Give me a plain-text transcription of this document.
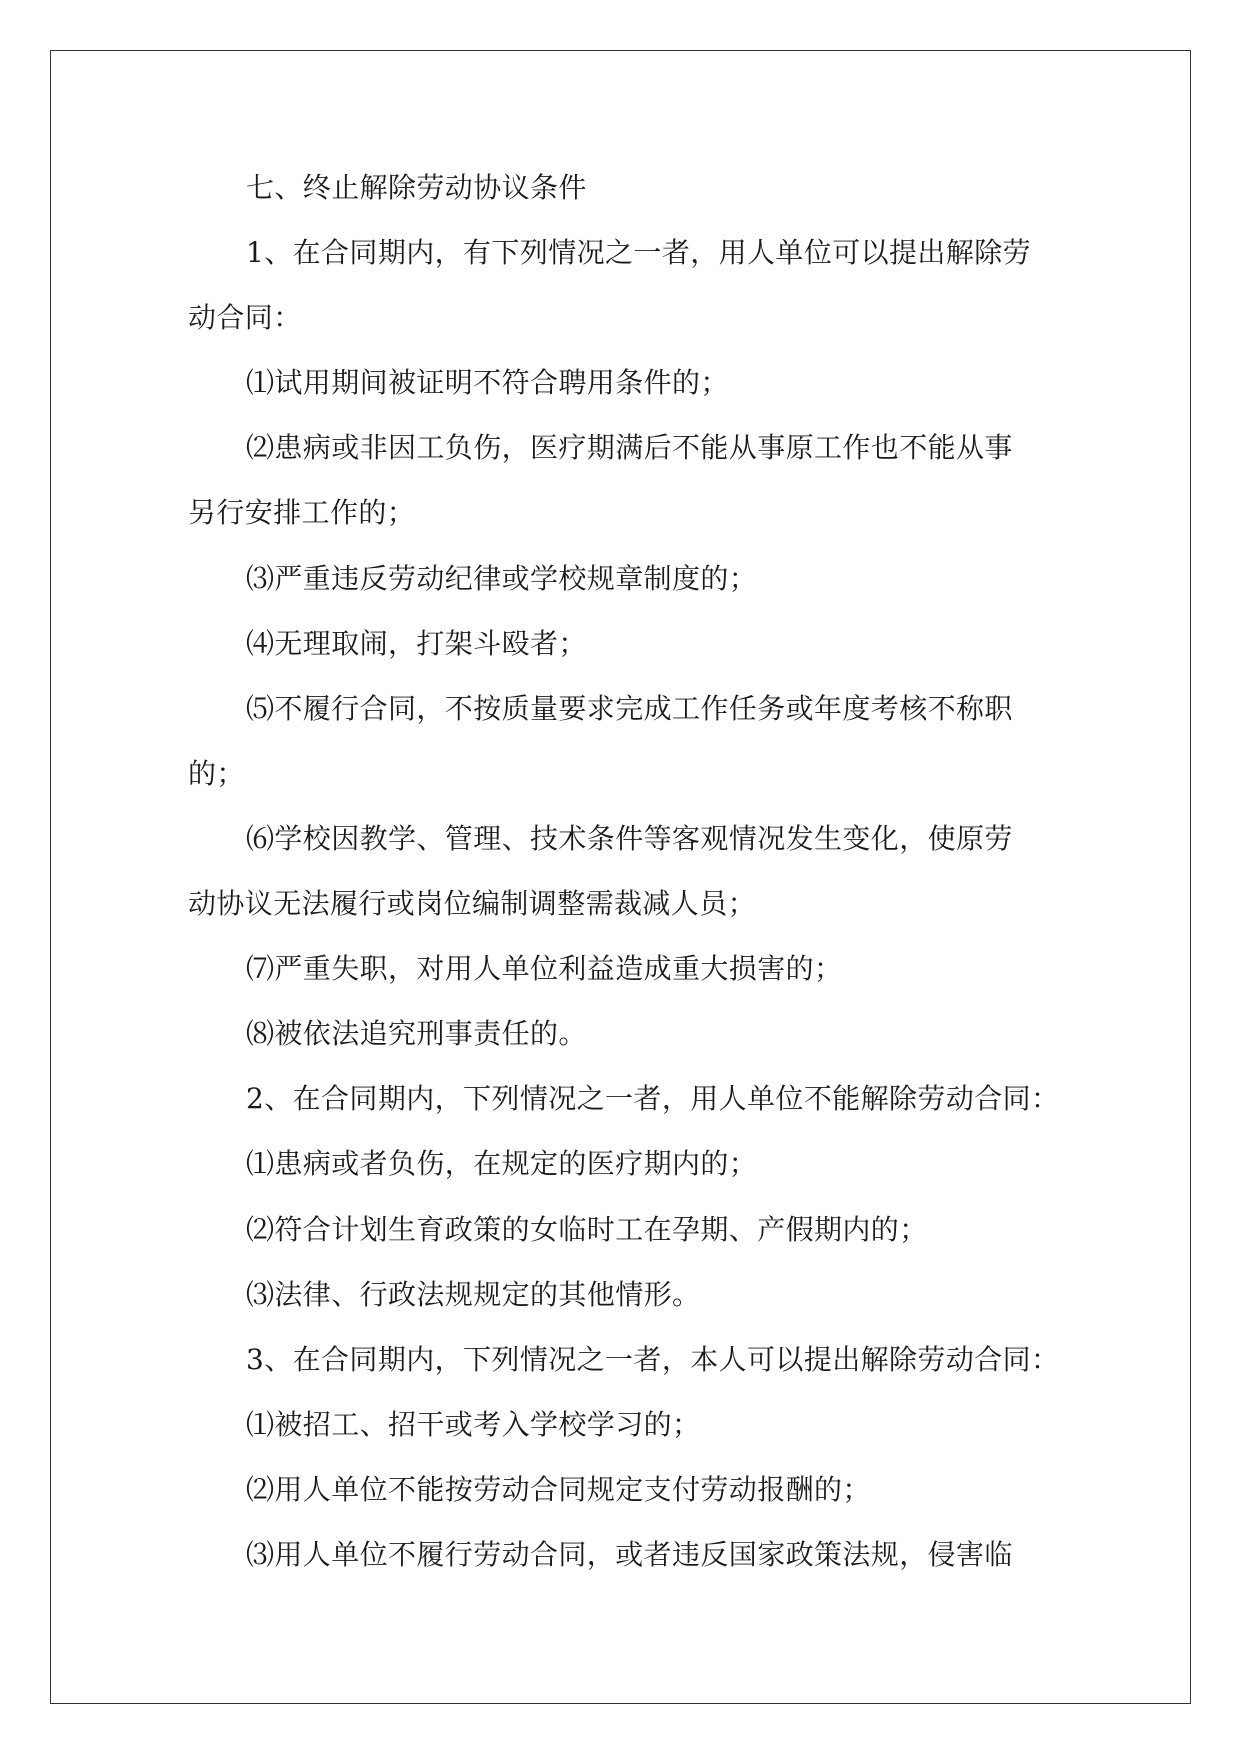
七、终止解除劳动协议条件

1、在合同期内，有下列情况之一者，用人单位可以提出解除劳

动合同：

⑴试用期间被证明不符合聘用条件的；

⑵患病或非因工负伤，医疗期满后不能从事原工作也不能从事

另行安排工作的；

⑶严重违反劳动纪律或学校规章制度的；

⑷无理取闹，打架斗殴者；

⑸不履行合同，不按质量要求完成工作任务或年度考核不称职

的；

⑹学校因教学、管理、技术条件等客观情况发生变化，使原劳

动协议无法履行或岗位编制调整需裁减人员；

⑺严重失职，对用人单位利益造成重大损害的；

⑻被依法追究刑事责任的。

2、在合同期内，下列情况之一者，用人单位不能解除劳动合同：

⑴患病或者负伤，在规定的医疗期内的；

⑵符合计划生育政策的女临时工在孕期、产假期内的；

⑶法律、行政法规规定的其他情形。

3、在合同期内，下列情况之一者，本人可以提出解除劳动合同：

⑴被招工、招干或考入学校学习的；

⑵用人单位不能按劳动合同规定支付劳动报酬的；

⑶用人单位不履行劳动合同，或者违反国家政策法规，侵害临
